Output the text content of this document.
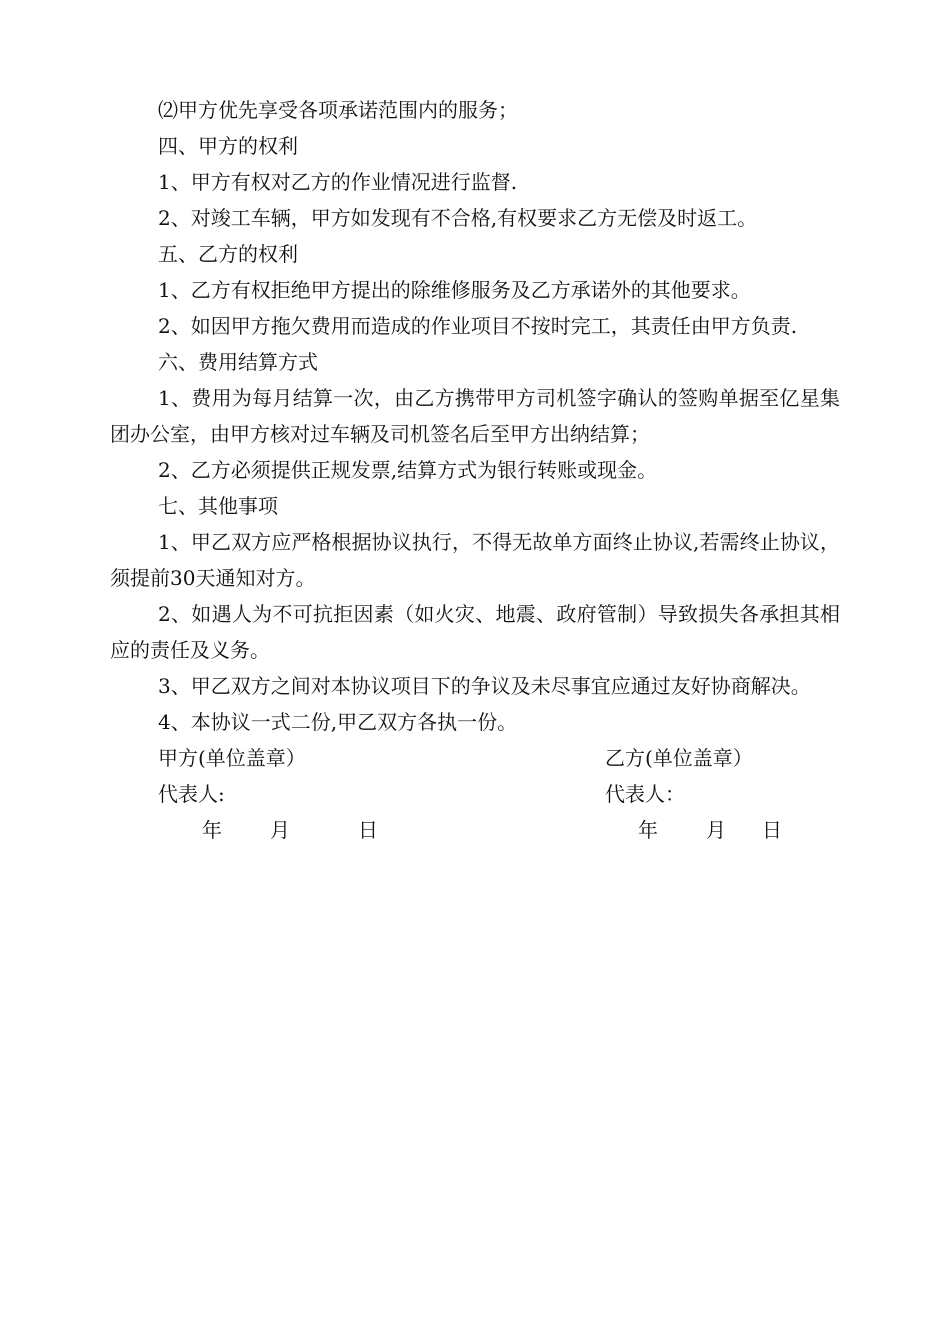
⑵甲方优先享受各项承诺范围内的服务；
四、甲方的权利
1、甲方有权对乙方的作业情况进行监督.
2、对竣工车辆，甲方如发现有不合格,有权要求乙方无偿及时返工。
五、乙方的权利
1、乙方有权拒绝甲方提出的除维修服务及乙方承诺外的其他要求。

2、如因甲方拖欠费用而造成的作业项目不按时完工，其责任由甲方负责.

六、费用结算方式

1、费用为每月结算一次，由乙方携带甲方司机签字确认的签购单据至亿星集团办公室，由甲方核对过车辆及司机签名后至甲方出纳结算；

2、乙方必须提供正规发票,结算方式为银行转账或现金。
七、其他事项

1、甲乙双方应严格根据协议执行，不得无故单方面终止协议,若需终止协议，须提前30天通知对方。

2、如遇人为不可抗拒因素（如火灾、地震、政府管制）导致损失各承担其相应的责任及义务。

3、甲乙双方之间对本协议项目下的争议及未尽事宜应通过友好协商解决。

4、本协议一式二份,甲乙双方各执一份。
甲方(单位盖章）	乙方(单位盖章）
代表人:	代表人：
年	月	日	年	月	日
